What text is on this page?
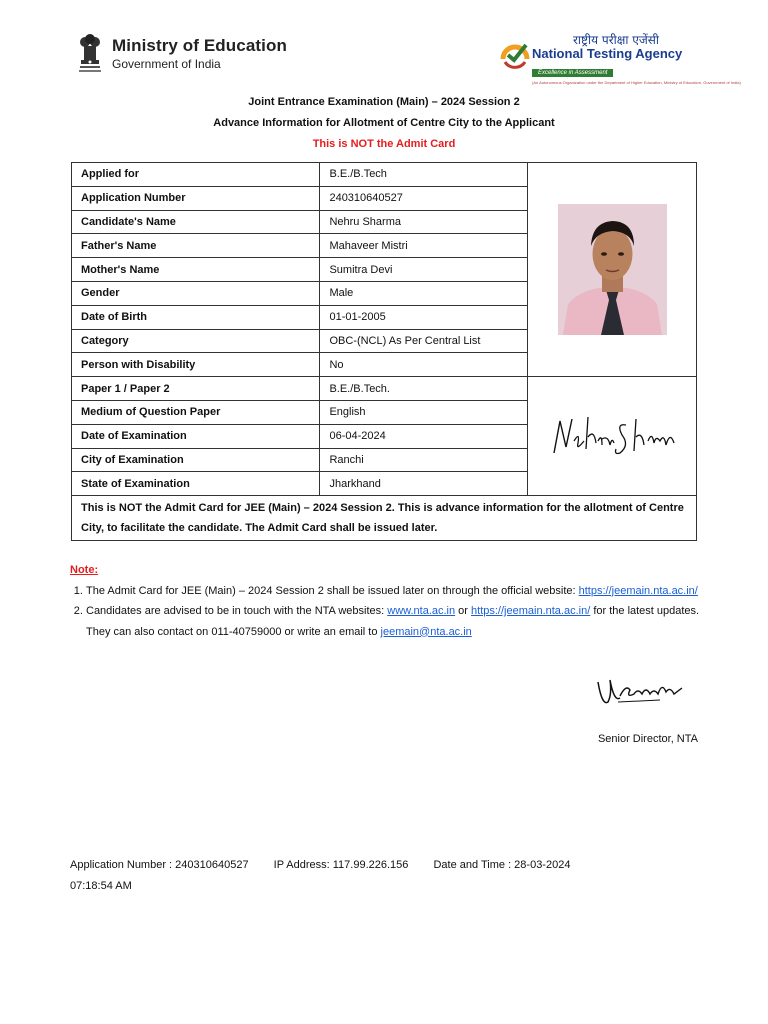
Ministry of Education
Government of India
राष्ट्रीय परीक्षा एजेंसी
National Testing Agency
Excellence in Assessment
(An Autonomous Organization under the Department of Higher Education, Ministry of Education, Government of India)
Joint Entrance Examination (Main) – 2024 Session 2
Advance Information for Allotment of Centre City to the Applicant
This is NOT the Admit Card
Applied for	B.E./B.Tech	

Application Number	240310640527	
Candidate's Name	Nehru Sharma	
Father's Name	Mahaveer Mistri	
Mother's Name	Sumitra Devi	
Gender	Male	
Date of Birth	01-01-2005	
Category	OBC-(NCL) As Per Central List	
Person with Disability	No	
Paper 1 / Paper 2	B.E./B.Tech.	

Medium of Question Paper	English	
Date of Examination	06-04-2024	
City of Examination	Ranchi	
State of Examination	Jharkhand	
This is NOT the Admit Card for JEE (Main) – 2024 Session 2. This is advance information for the allotment of Centre City, to facilitate the candidate. The Admit Card shall be issued later.		
Note:
1. The Admit Card for JEE (Main) – 2024 Session 2 shall be issued later on through the official website: https://jeemain.nta.ac.in/
2. Candidates are advised to be in touch with the NTA websites: www.nta.ac.in or https://jeemain.nta.ac.in/ for the latest updates. They can also contact on 011-40759000 or write an email to jeemain@nta.ac.in
Senior Director, NTA
Application Number : 240310640527 IP Address: 117.99.226.156 Date and Time : 28-03-2024 07:18:54 AM
